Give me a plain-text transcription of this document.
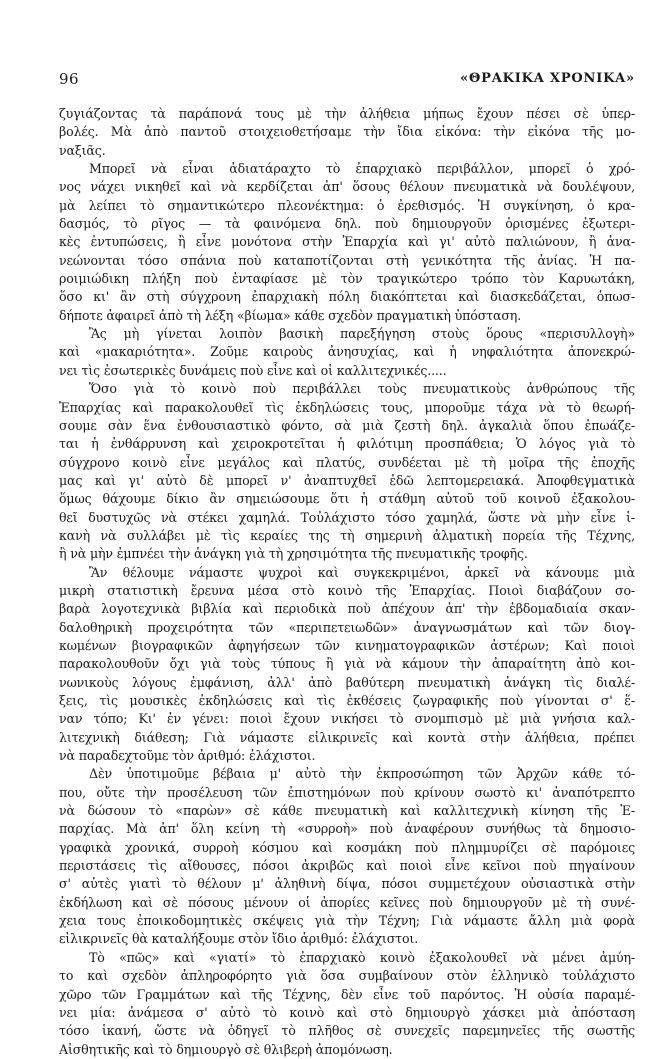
96	«ΘΡΑΚΙΚΑ ΧΡΟΝΙΚΑ»
ζυγιάζοντας τὰ παράπονά τους μὲ τὴν ἀλήθεια μήπως ἔχουν πέσει σὲ ὑπερ-
βολές. Μὰ ἀπὸ παντοῦ στοιχειοθετήσαμε τὴν ἴδια εἰκόνα: τὴν εἰκόνα τῆς μο-
ναξιᾶς.
Μπορεῖ νὰ εἶναι ἀδιατάραχτο τὸ ἐπαρχιακὸ περιβάλλον, μπορεῖ ὁ χρό-
νος νάχει νικηθεῖ καὶ νὰ κερδίζεται ἀπ' ὅσους θέλουν πνευματικὰ νὰ δουλέψουν,
μὰ λείπει τὸ σημαντικώτερο πλεονέκτημα: ὁ ἐρεθισμός. Ἡ συγκίνηση, ὁ κρα-
δασμός, τὸ ρῖγος — τὰ φαινόμενα δηλ. ποὺ δημιουργοῦν ὁρισμένες ἐξωτερι-
κὲς ἐντυπώσεις, ἢ εἶνε μονότονα στὴν Ἐπαρχία καὶ γι' αὐτὸ παλιώνουν, ἢ ἀνα-
νεώνονται τόσο σπάνια ποὺ καταποτίζονται στὴ γενικότητα τῆς ἀνίας. Ἡ πα-
ροιμιώδικη πλήξη ποὺ ἐνταφίασε μὲ τὸν τραγικώτερο τρόπο τὸν Καρυωτάκη,
ὅσο κι' ἂν στὴ σύγχρονη ἐπαρχιακὴ πόλη διακόπτεται καὶ διασκεδάζεται, ὁπωσ-
δήποτε ἀφαιρεῖ ἀπὸ τὴ λέξη «βίωμα» κάθε σχεδὸν πραγματικὴ ὑπόσταση.
Ἂς μὴ γίνεται λοιπὸν βασικὴ παρεξήγηση στοὺς ὅρους «περισυλλογὴ»
καὶ «μακαριότητα». Ζοῦμε καιροὺς ἀνησυχίας, καὶ ἡ νηφαλιότητα ἀπονεκρώ-
νει τὶς ἐσωτερικὲς δυνάμεις ποὺ εἶνε καὶ οἱ καλλιτεχνικές.....
Ὅσο γιὰ τὸ κοινὸ ποὺ περιβάλλει τοὺς πνευματικοὺς ἀνθρώπους τῆς
Ἐπαρχίας καὶ παρακολουθεῖ τὶς ἐκδηλώσεις τους, μποροῦμε τάχα νὰ τὸ θεωρή-
σουμε σὰν ἕνα ἐνθουσιαστικὸ φόντο, σὰ μιὰ ζεστὴ δηλ. ἀγκαλιὰ ὅπου ἐπωάζε-
ται ἡ ἐνθάρρυνση καὶ χειροκροτεῖται ἡ φιλότιμη προσπάθεια; Ὁ λόγος γιὰ τὸ
σύγχρονο κοινὸ εἶνε μεγάλος καὶ πλατύς, συνδέεται μὲ τὴ μοῖρα τῆς ἐποχῆς
μας καὶ γι' αὐτὸ δὲ μπορεῖ ν' ἀναπτυχθεῖ ἐδῶ λεπτομερειακά. Ἀποφθεγματικὰ
ὅμως θάχουμε δίκιο ἂν σημειώσουμε ὅτι ἡ στάθμη αὐτοῦ τοῦ κοινοῦ ἐξακολου-
θεῖ δυστυχῶς νὰ στέκει χαμηλά. Τοὐλάχιστο τόσο χαμηλά, ὥστε νὰ μὴν εἶνε ἱ-
κανὴ νὰ συλλάβει μὲ τὶς κεραίες της τὴ σημερινὴ ἀλματικὴ πορεία τῆς Τέχνης,
ἢ νὰ μὴν ἐμπνέει τὴν ἀνάγκη γιὰ τὴ χρησιμότητα τῆς πνευματικῆς τροφῆς.
Ἂν θέλουμε νάμαστε ψυχροὶ καὶ συγκεκριμένοι, ἀρκεῖ νὰ κάνουμε μιὰ
μικρὴ στατιστικὴ ἔρευνα μέσα στὸ κοινὸ τῆς Ἐπαρχίας. Ποιοὶ διαβάζουν σο-
βαρὰ λογοτεχνικὰ βιβλία καὶ περιοδικὰ ποὺ ἀπέχουν ἀπ' τὴν ἑβδομαδιαία σκαν-
δαλοθηρικὴ προχειρότητα τῶν «περιπετειωδῶν» ἀναγνωσμάτων καὶ τῶν διογ-
κωμένων βιογραφικῶν ἀφηγήσεων τῶν κινηματογραφικῶν ἀστέρων; Καὶ ποιοὶ
παρακολουθοῦν ὄχι γιὰ τοὺς τύπους ἢ γιὰ νὰ κάμουν τὴν ἀπαραίτητη ἀπὸ κοι-
νωνικοὺς λόγους ἐμφάνιση, ἀλλ' ἀπὸ βαθύτερη πνευματικὴ ἀνάγκη τὶς διαλέ-
ξεις, τὶς μουσικὲς ἐκδηλώσεις καὶ τὶς ἐκθέσεις ζωγραφικῆς ποὺ γίνονται σ' ἕ-
ναν τόπο; Κι' ἐν γένει: ποιοὶ ἔχουν νικήσει τὸ σνομπισμὸ μὲ μιὰ γνήσια καλ-
λιτεχνικὴ διάθεση; Γιὰ νάμαστε εἰλικρινεῖς καὶ κοντὰ στὴν ἀλήθεια, πρέπει
νὰ παραδεχτοῦμε τὸν ἀριθμό: ἐλάχιστοι.
Δὲν ὑποτιμοῦμε βέβαια μ' αὐτὸ τὴν ἐκπροσώπηση τῶν Ἀρχῶν κάθε τό-
που, οὔτε τὴν προσέλευση τῶν ἐπιστημόνων ποὺ κρίνουν σωστὸ κι' ἀναπότρεπτο
νὰ δώσουν τὸ «παρὼν» σὲ κάθε πνευματικὴ καὶ καλλιτεχνικὴ κίνηση τῆς Ἐ-
παρχίας. Μὰ ἀπ' ὅλη κείνη τὴ «συρροὴ» ποὺ ἀναφέρουν συνήθως τὰ δημοσιο-
γραφικὰ χρονικά, συρροὴ κόσμου καὶ κοσμάκη ποὺ πλημμυρίζει σὲ παρόμοιες
περιστάσεις τὶς αἴθουσες, πόσοι ἀκριβῶς καὶ ποιοὶ εἶνε κεῖνοι ποὺ πηγαίνουν
σ' αὐτὲς γιατὶ τὸ θέλουν μ' ἀληθινὴ δίψα, πόσοι συμμετέχουν οὐσιαστικὰ στὴν
ἐκδήλωση καὶ σὲ πόσους μένουν οἱ ἀπορίες κεῖνες ποὺ δημιουργοῦν μὲ τὴ συνέ-
χεια τους ἐποικοδομητικὲς σκέψεις γιὰ τὴν Τέχνη; Γιὰ νάμαστε ἄλλη μιὰ φορὰ
εἰλικρινεῖς θὰ καταλήξουμε στὸν ἴδιο ἀριθμό: ἐλάχιστοι.
Τὸ «πῶς» καὶ «γιατί» τὸ ἐπαρχιακὸ κοινὸ ἐξακολουθεῖ νὰ μένει ἀμύη-
το καὶ σχεδὸν ἀπληροφόρητο γιὰ ὅσα συμβαίνουν στὸν ἑλληνικὸ τοὐλάχιστο
χῶρο τῶν Γραμμάτων καὶ τῆς Τέχνης, δὲν εἶνε τοῦ παρόντος. Ἡ οὐσία παραμέ-
νει μία: ἀνάμεσα σ' αὐτὸ τὸ κοινὸ καὶ στὸ δημιουργὸ χάσκει μιὰ ἀπόσταση
τόσο ἱκανή, ὥστε νὰ ὁδηγεῖ τὸ πλῆθος σὲ συνεχεῖς παρεμηνεῖες τῆς σωστῆς
Αἰσθητικῆς καὶ τὸ δημιουργὸ σὲ θλιβερὴ ἀπομόνωση.
